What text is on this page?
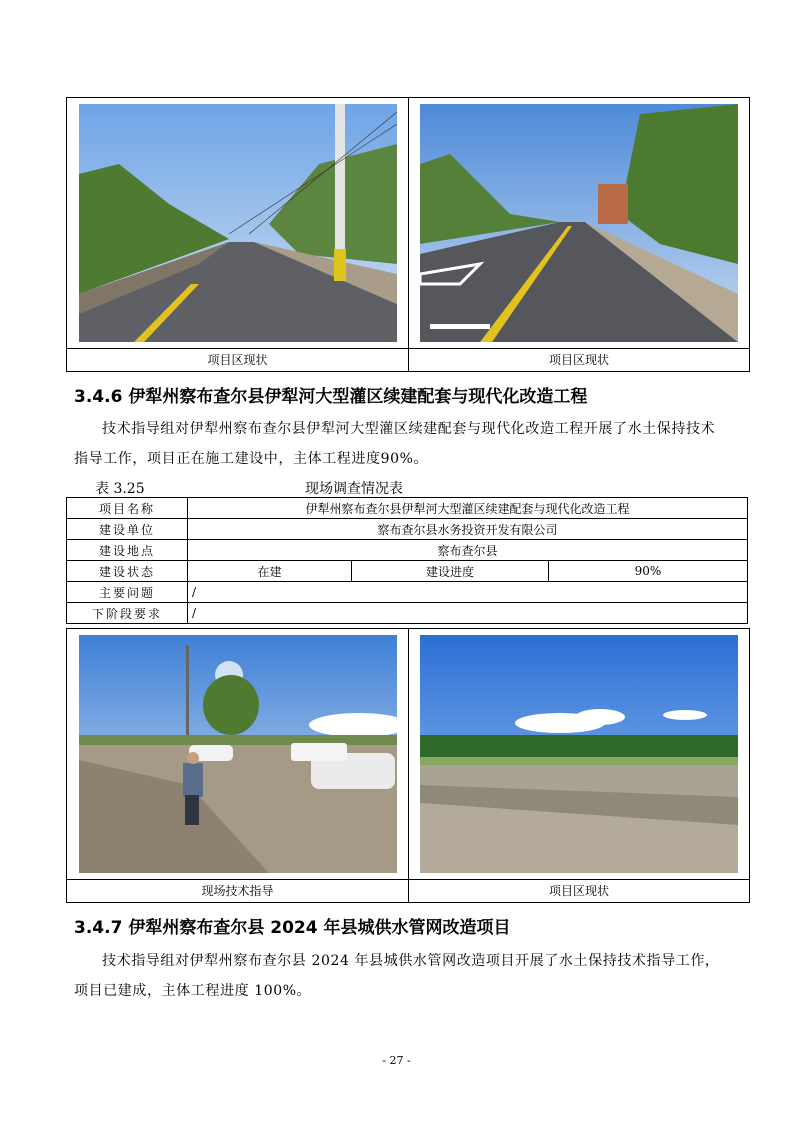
项目区现状	项目区现状
3.4.6 伊犁州察布查尔县伊犁河大型灌区续建配套与现代化改造工程

技术指导组对伊犁州察布查尔县伊犁河大型灌区续建配套与现代化改造工程开展了水土保持技术指导工作，项目正在施工建设中，主体工程进度90%。

表 3.25	现场调查情况表
项目名称	伊犁州察布查尔县伊犁河大型灌区续建配套与现代化改造工程		
建设单位	察布查尔县水务投资开发有限公司		
建设地点	察布查尔县		
建设状态	在建	建设进度	90%
主要问题	/		
下阶段要求	/		
现场技术指导	项目区现状
3.4.7 伊犁州察布查尔县 2024 年县城供水管网改造项目

技术指导组对伊犁州察布查尔县 2024 年县城供水管网改造项目开展了水土保持技术指导工作，项目已建成，主体工程进度 100%。

- 27 -
